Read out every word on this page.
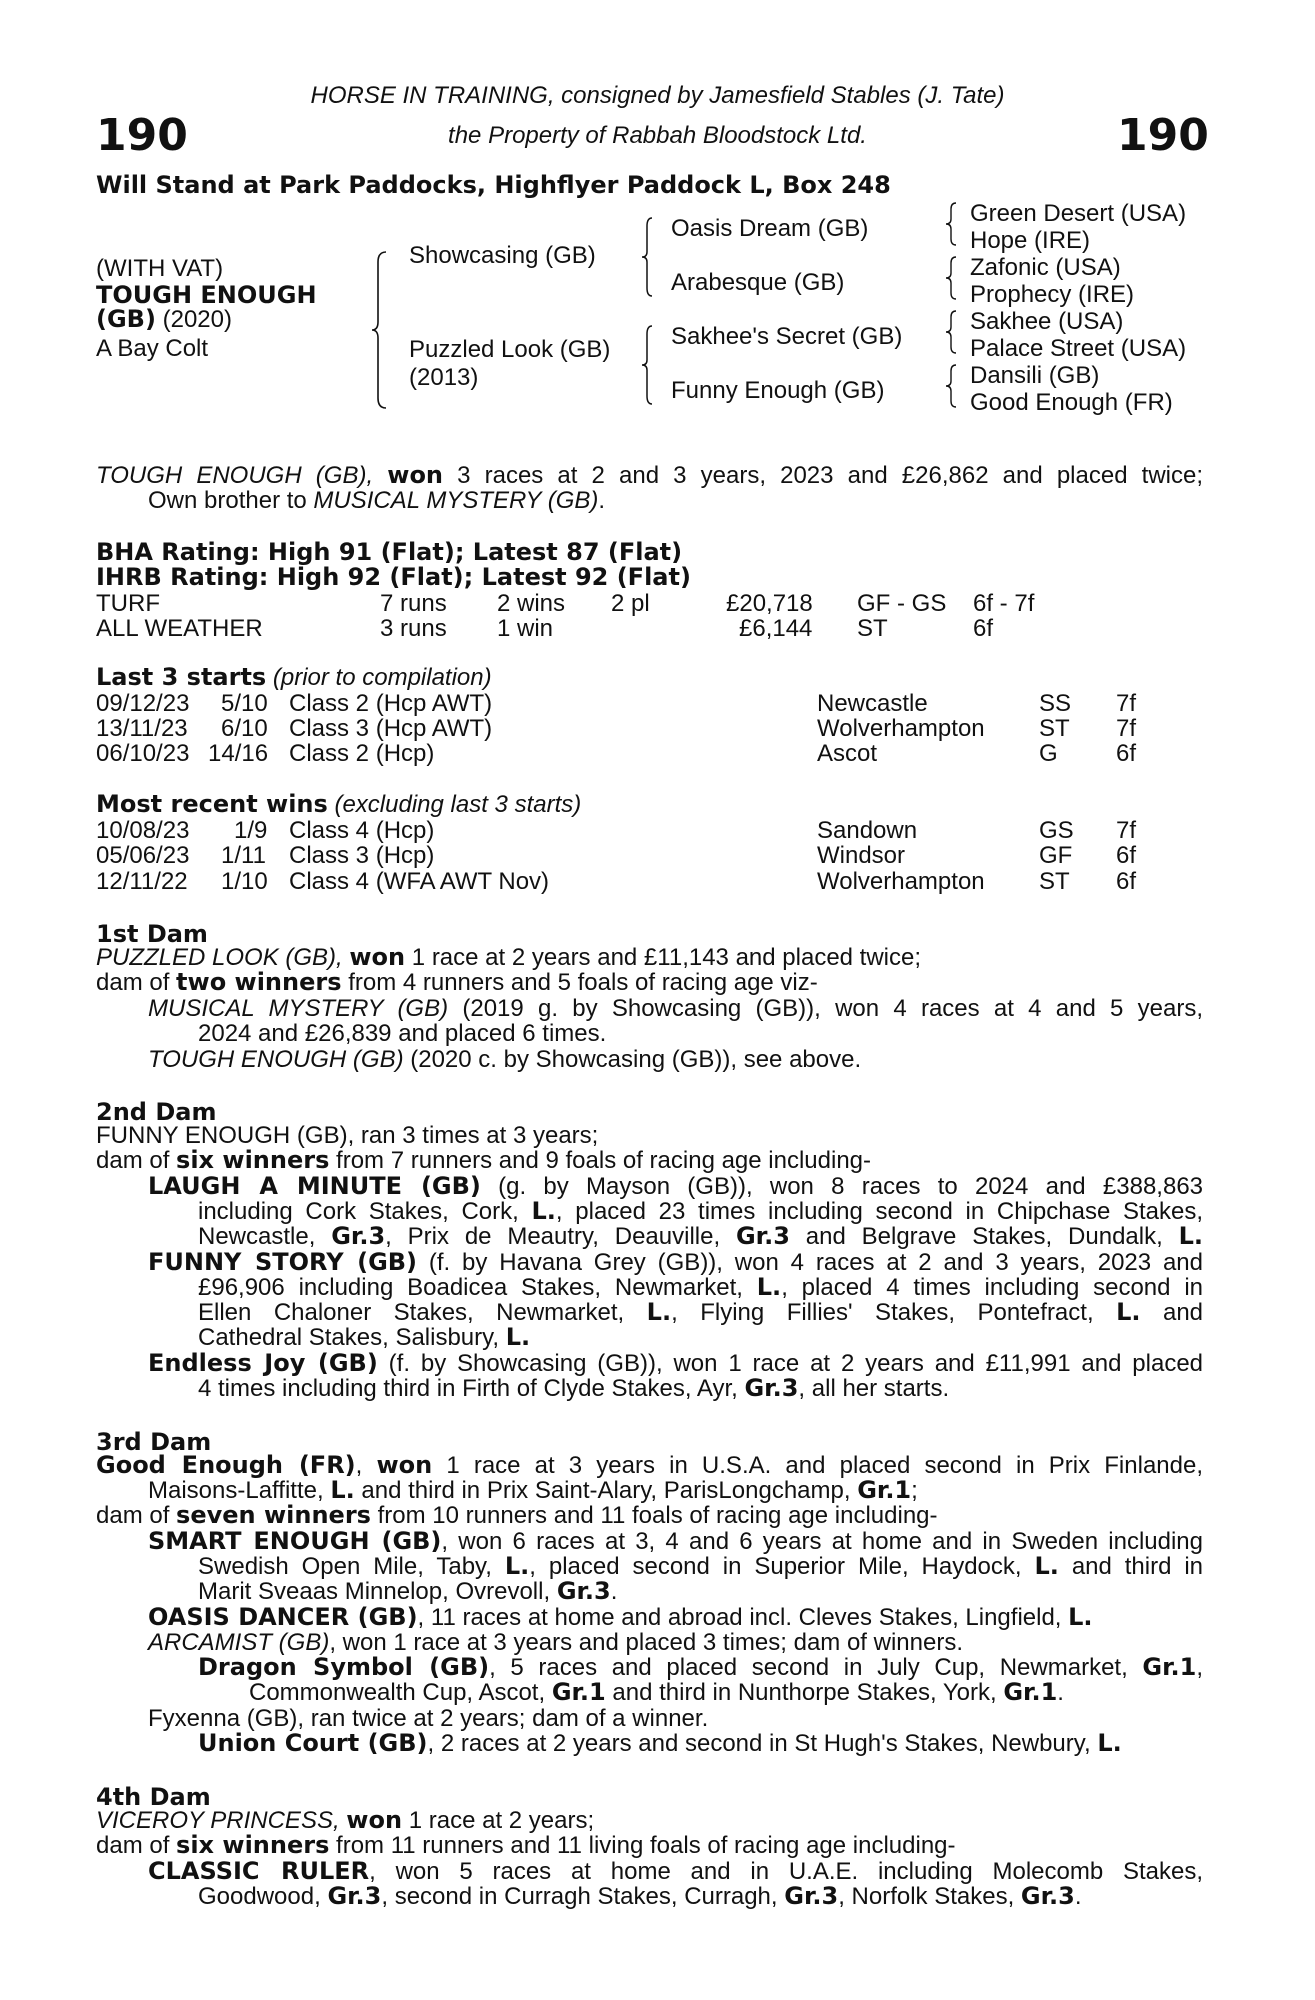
190	190
HORSE IN TRAINING, consigned by Jamesfield Stables (J. Tate)
the Property of Rabbah Bloodstock Ltd.
Will Stand at Park Paddocks, Highflyer Paddock L, Box 248
(WITH VAT)
TOUGH ENOUGH
(GB) (2020)
A Bay Colt
Showcasing (GB)
Puzzled Look (GB)
(2013)
Oasis Dream (GB)
Arabesque (GB)
Sakhee's Secret (GB)
Funny Enough (GB)
Green Desert (USA)
Hope (IRE)
Zafonic (USA)
Prophecy (IRE)
Sakhee (USA)
Palace Street (USA)
Dansili (GB)
Good Enough (FR)
TOUGH ENOUGH (GB), won 3 races at 2 and 3 years, 2023 and £26,862 and placed twice;
Own brother to MUSICAL MYSTERY (GB).
BHA Rating: High 91 (Flat); Latest 87 (Flat)
IHRB Rating: High 92 (Flat); Latest 92 (Flat)
TURF	7 runs 2 wins 2 pl	£20,718 GF - GS 6f - 7f
ALL WEATHER	3 runs 1 win	£6,144 ST	6f
Last 3 starts (prior to compilation)
09/12/23 5/10 Class 2 (Hcp AWT)	Newcastle	SS 7f
13/11/23 6/10 Class 3 (Hcp AWT)	Wolverhampton ST 7f
06/10/23 14/16 Class 2 (Hcp)	Ascot	G 6f
Most recent wins (excluding last 3 starts)
10/08/23 1/9 Class 4 (Hcp)	Sandown	GS 7f
05/06/23 1/11 Class 3 (Hcp)	Windsor	GF 6f
12/11/22 1/10 Class 4 (WFA AWT Nov)	Wolverhampton ST 6f
1st Dam
PUZZLED LOOK (GB), won 1 race at 2 years and £11,143 and placed twice;
dam of two winners from 4 runners and 5 foals of racing age viz-
MUSICAL MYSTERY (GB) (2019 g. by Showcasing (GB)), won 4 races at 4 and 5 years,
2024 and £26,839 and placed 6 times.
TOUGH ENOUGH (GB) (2020 c. by Showcasing (GB)), see above.
2nd Dam
FUNNY ENOUGH (GB), ran 3 times at 3 years;
dam of six winners from 7 runners and 9 foals of racing age including-
LAUGH A MINUTE (GB) (g. by Mayson (GB)), won 8 races to 2024 and £388,863
including Cork Stakes, Cork, L., placed 23 times including second in Chipchase Stakes,
Newcastle, Gr.3, Prix de Meautry, Deauville, Gr.3 and Belgrave Stakes, Dundalk, L.
FUNNY STORY (GB) (f. by Havana Grey (GB)), won 4 races at 2 and 3 years, 2023 and
£96,906 including Boadicea Stakes, Newmarket, L., placed 4 times including second in
Ellen Chaloner Stakes, Newmarket, L., Flying Fillies' Stakes, Pontefract, L. and
Cathedral Stakes, Salisbury, L.
Endless Joy (GB) (f. by Showcasing (GB)), won 1 race at 2 years and £11,991 and placed
4 times including third in Firth of Clyde Stakes, Ayr, Gr.3, all her starts.
3rd Dam
Good Enough (FR), won 1 race at 3 years in U.S.A. and placed second in Prix Finlande,
Maisons-Laffitte, L. and third in Prix Saint-Alary, ParisLongchamp, Gr.1;
dam of seven winners from 10 runners and 11 foals of racing age including-
SMART ENOUGH (GB), won 6 races at 3, 4 and 6 years at home and in Sweden including
Swedish Open Mile, Taby, L., placed second in Superior Mile, Haydock, L. and third in
Marit Sveaas Minnelop, Ovrevoll, Gr.3.
OASIS DANCER (GB), 11 races at home and abroad incl. Cleves Stakes, Lingfield, L.
ARCAMIST (GB), won 1 race at 3 years and placed 3 times; dam of winners.
Dragon Symbol (GB), 5 races and placed second in July Cup, Newmarket, Gr.1,
Commonwealth Cup, Ascot, Gr.1 and third in Nunthorpe Stakes, York, Gr.1.
Fyxenna (GB), ran twice at 2 years; dam of a winner.
Union Court (GB), 2 races at 2 years and second in St Hugh's Stakes, Newbury, L.
4th Dam
VICEROY PRINCESS, won 1 race at 2 years;
dam of six winners from 11 runners and 11 living foals of racing age including-
CLASSIC RULER, won 5 races at home and in U.A.E. including Molecomb Stakes,
Goodwood, Gr.3, second in Curragh Stakes, Curragh, Gr.3, Norfolk Stakes, Gr.3.
